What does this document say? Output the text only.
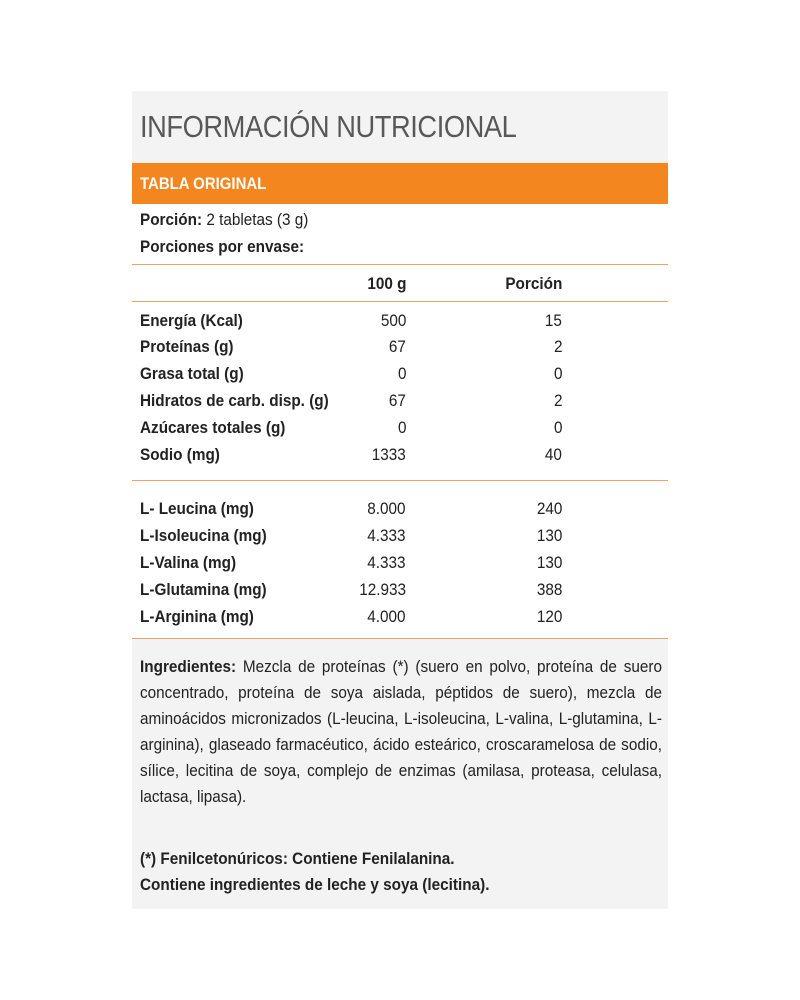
INFORMACIÓN NUTRICIONAL
TABLA ORIGINAL
Porción: 2 tabletas (3 g)
Porciones por envase:
100 g	Porción
Energía (Kcal)	500	15
Proteínas (g)	67	2
Grasa total (g)	0	0
Hidratos de carb. disp. (g)	67	2
Azúcares totales (g)	0	0
Sodio (mg)	1333	40
L- Leucina (mg)	8.000	240
L-Isoleucina (mg)	4.333	130
L-Valina (mg)	4.333	130
L-Glutamina (mg)	12.933	388
L-Arginina (mg)	4.000	120

Ingredientes: Mezcla de proteínas (*) (suero en polvo, proteína de suero concentrado, proteína de soya aislada, péptidos de suero), mezcla de aminoácidos micronizados (L-leucina, L-isoleucina, L-valina, L-glutamina, L-arginina), glaseado farmacéutico, ácido esteárico, croscaramelosa de sodio, sílice, lecitina de soya, complejo de enzimas (amilasa, proteasa, celulasa, lactasa, lipasa).

(*) Fenilcetonúricos: Contiene Fenilalanina.
Contiene ingredientes de leche y soya (lecitina).
